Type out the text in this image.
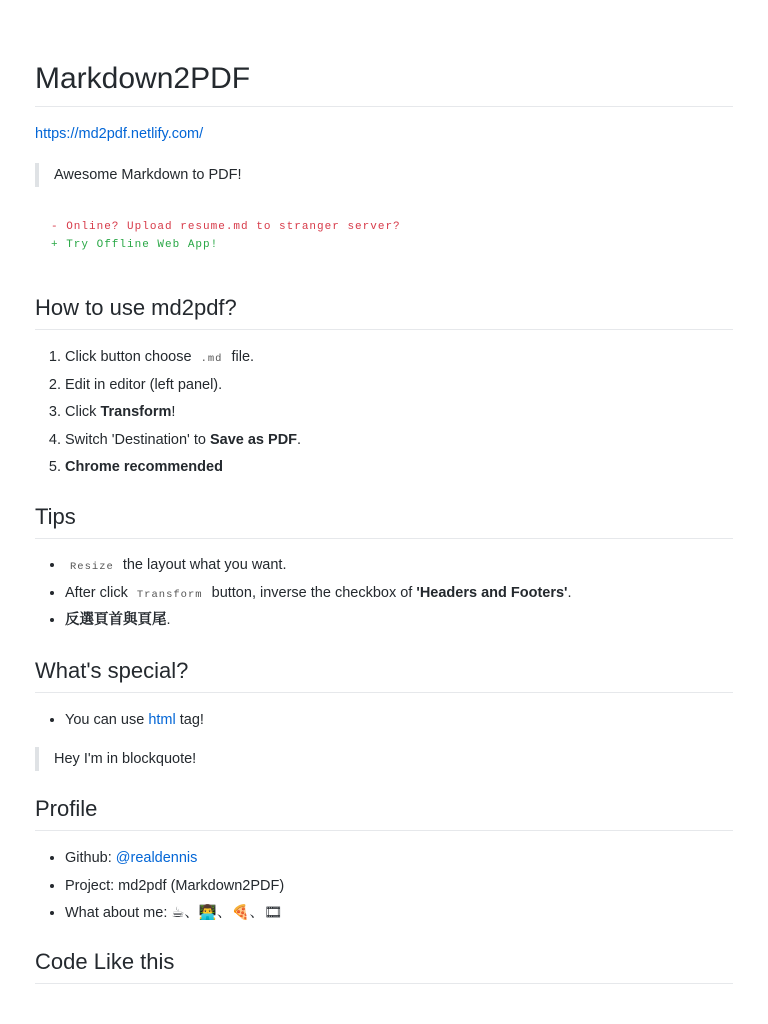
Markdown2PDF
https://md2pdf.netlify.com/
Awesome Markdown to PDF!
- Online? Upload resume.md to stranger server?
+ Try Offline Web App!
How to use md2pdf?
1. Click button choose .md file.
2. Edit in editor (left panel).
3. Click Transform!
4. Switch 'Destination' to Save as PDF.
5. Chrome recommended
Tips
• Resize the layout what you want.
• After click Transform button, inverse the checkbox of 'Headers and Footers'.
• 反選頁首與頁尾.
What's special?
• You can use html tag!
Hey I'm in blockquote!
Profile
• Github: @realdennis
• Project: md2pdf (Markdown2PDF)
• What about me: ☕、👨‍💻、🍕、🎞
Code Like this
